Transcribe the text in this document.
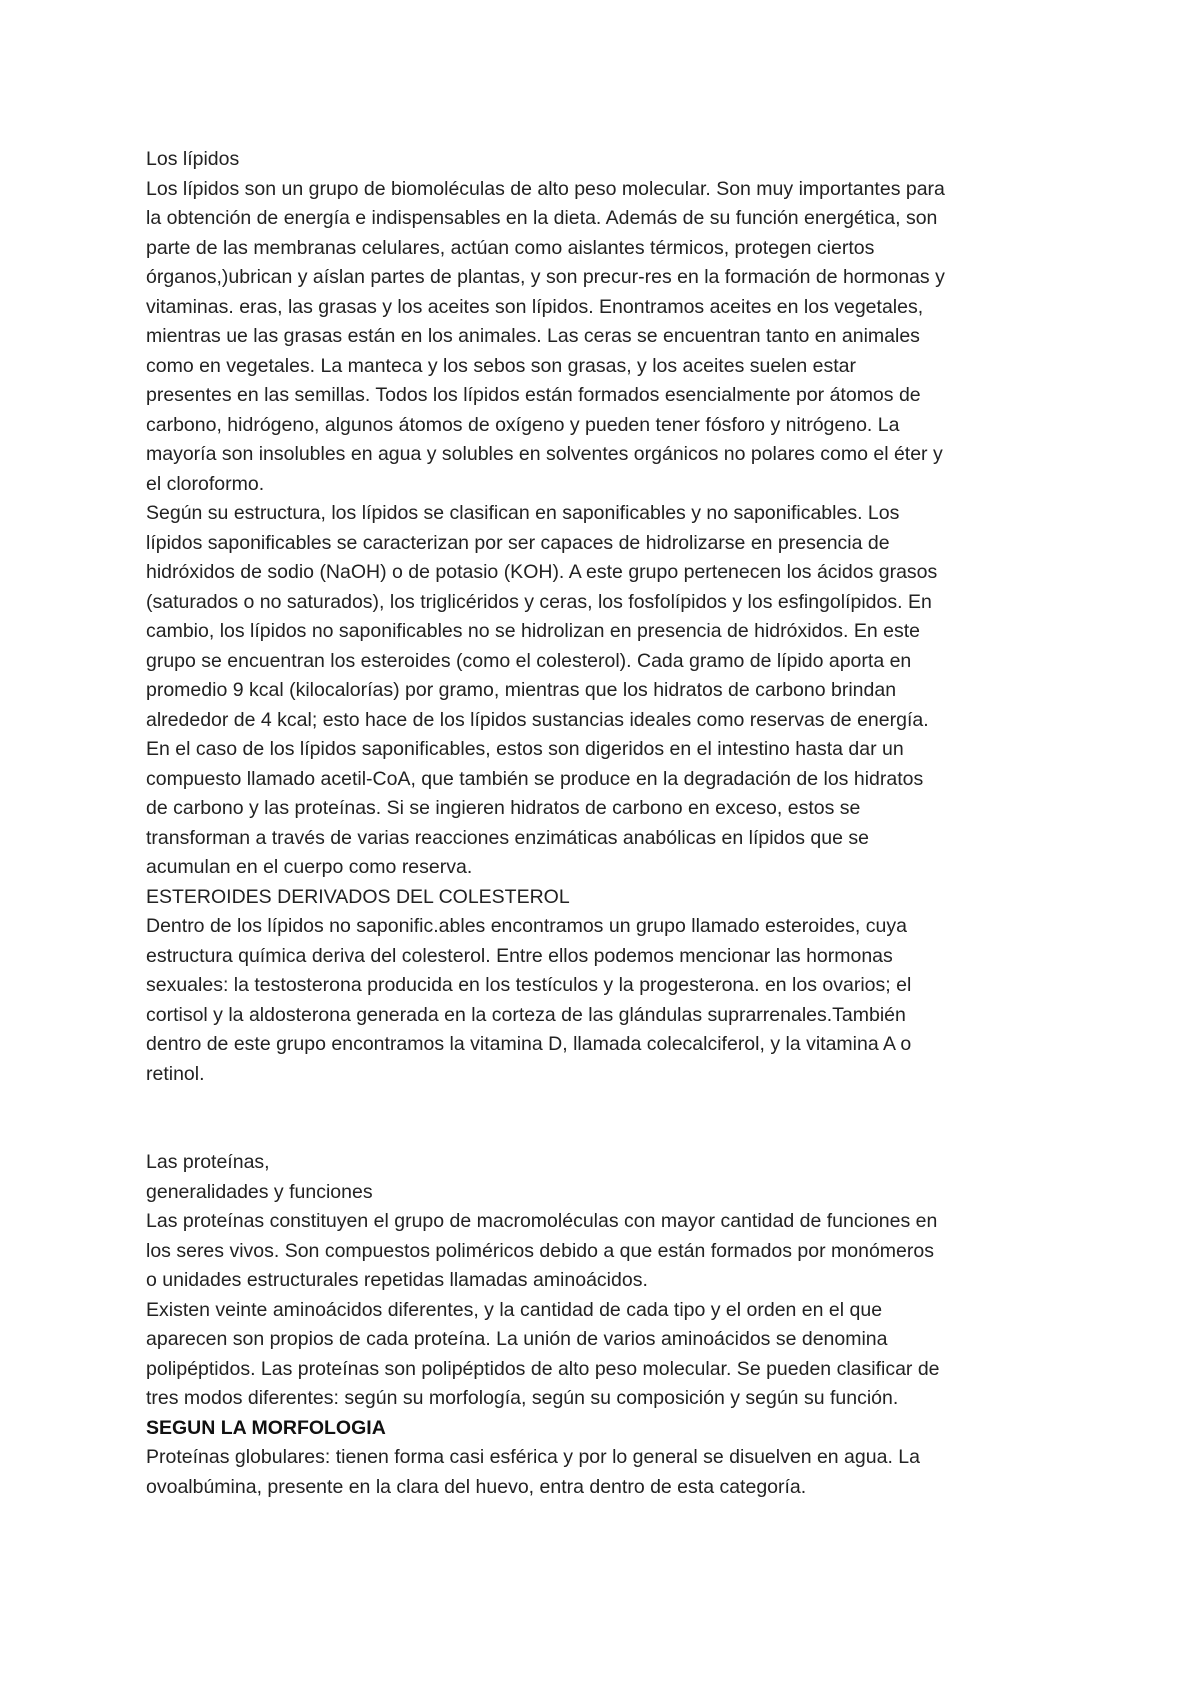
Los lípidos

Los lípidos son un grupo de biomoléculas de alto peso molecular. Son muy importantes para
la obtención de energía e indispensables en la dieta. Además de su función energética, son
parte de las membranas celulares, actúan como aislantes térmicos, protegen ciertos
órganos,)ubrican y aíslan partes de plantas, y son precur-res en la formación de hormonas y
vitaminas. eras, las grasas y los aceites son lípidos. Enontramos aceites en los vegetales,
mientras ue las grasas están en los animales. Las ceras se encuentran tanto en animales
como en vegetales. La manteca y los sebos son grasas, y los aceites suelen estar
presentes en las semillas. Todos los lípidos están formados esencialmente por átomos de
carbono, hidrógeno, algunos átomos de oxígeno y pueden tener fósforo y nitrógeno. La
mayoría son insolubles en agua y solubles en solventes orgánicos no polares como el éter y
el cloroformo.

Según su estructura, los lípidos se clasifican en saponificables y no saponificables. Los
lípidos saponificables se caracterizan por ser capaces de hidrolizarse en presencia de
hidróxidos de sodio (NaOH) o de potasio (KOH). A este grupo pertenecen los ácidos grasos
(saturados o no saturados), los triglicéridos y ceras, los fosfolípidos y los esfingolípidos. En
cambio, los lípidos no saponificables no se hidrolizan en presencia de hidróxidos. En este
grupo se encuentran los esteroides (como el colesterol). Cada gramo de lípido aporta en
promedio 9 kcal (kilocalorías) por gramo, mientras que los hidratos de carbono brindan
alrededor de 4 kcal; esto hace de los lípidos sustancias ideales como reservas de energía.
En el caso de los lípidos saponificables, estos son digeridos en el intestino hasta dar un
compuesto llamado acetil-CoA, que también se produce en la degradación de los hidratos
de carbono y las proteínas. Si se ingieren hidratos de carbono en exceso, estos se
transforman a través de varias reacciones enzimáticas anabólicas en lípidos que se
acumulan en el cuerpo como reserva.

ESTEROIDES DERIVADOS DEL COLESTEROL

Dentro de los lípidos no saponific.ables encontramos un grupo llamado esteroides, cuya
estructura química deriva del colesterol. Entre ellos podemos mencionar las hormonas
sexuales: la testosterona producida en los testículos y la progesterona. en los ovarios; el
cortisol y la aldosterona generada en la corteza de las glándulas suprarrenales.También
dentro de este grupo encontramos la vitamina D, llamada colecalciferol, y la vitamina A o
retinol.

Las proteínas,

generalidades y funciones

Las proteínas constituyen el grupo de macromoléculas con mayor cantidad de funciones en
los seres vivos. Son compuestos poliméricos debido a que están formados por monómeros
o unidades estructurales repetidas llamadas aminoácidos.

Existen veinte aminoácidos diferentes, y la cantidad de cada tipo y el orden en el que
aparecen son propios de cada proteína. La unión de varios aminoácidos se denomina
polipéptidos. Las proteínas son polipéptidos de alto peso molecular. Se pueden clasificar de
tres modos diferentes: según su morfología, según su composición y según su función.

SEGUN LA MORFOLOGIA

Proteínas globulares: tienen forma casi esférica y por lo general se disuelven en agua. La
ovoalbúmina, presente en la clara del huevo, entra dentro de esta categoría.
